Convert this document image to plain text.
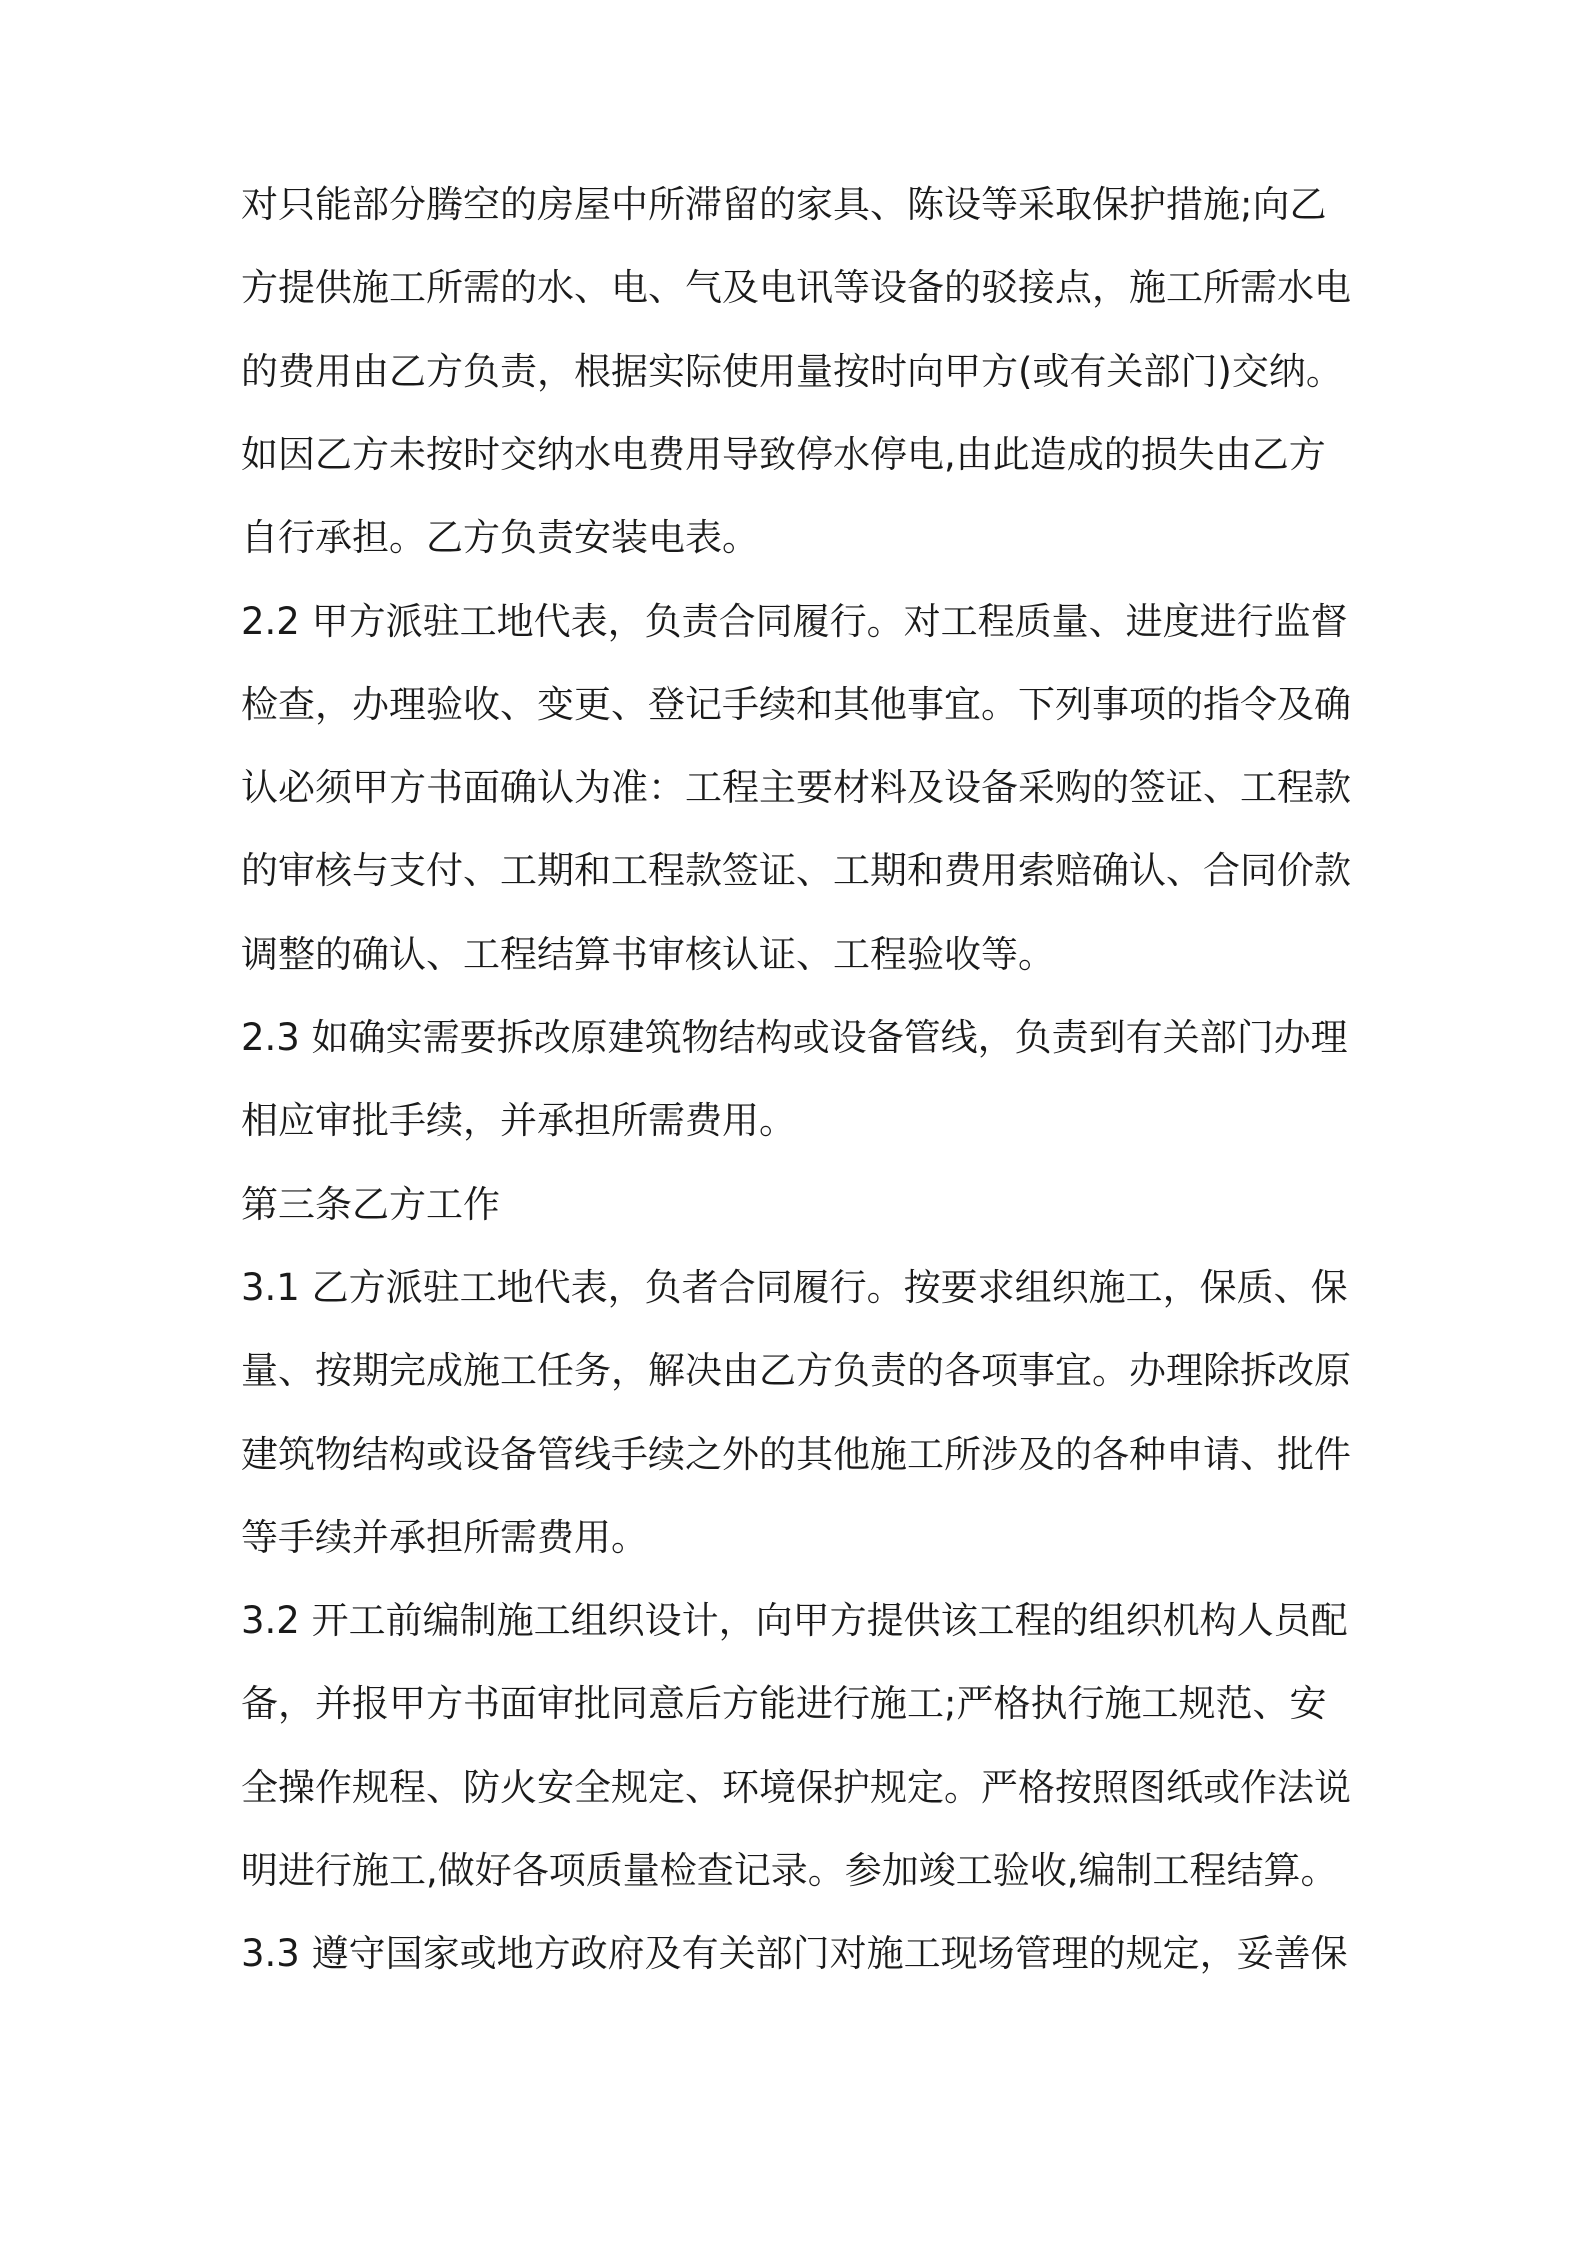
对只能部分腾空的房屋中所滞留的家具、陈设等采取保护措施;向乙
方提供施工所需的水、电、气及电讯等设备的驳接点，施工所需水电
的费用由乙方负责，根据实际使用量按时向甲方(或有关部门)交纳。
如因乙方未按时交纳水电费用导致停水停电,由此造成的损失由乙方
自行承担。乙方负责安装电表。
2.2 甲方派驻工地代表，负责合同履行。对工程质量、进度进行监督
检查，办理验收、变更、登记手续和其他事宜。下列事项的指令及确
认必须甲方书面确认为准：工程主要材料及设备采购的签证、工程款
的审核与支付、工期和工程款签证、工期和费用索赔确认、合同价款
调整的确认、工程结算书审核认证、工程验收等。
2.3 如确实需要拆改原建筑物结构或设备管线，负责到有关部门办理
相应审批手续，并承担所需费用。
第三条乙方工作
3.1 乙方派驻工地代表，负者合同履行。按要求组织施工，保质、保
量、按期完成施工任务，解决由乙方负责的各项事宜。办理除拆改原
建筑物结构或设备管线手续之外的其他施工所涉及的各种申请、批件
等手续并承担所需费用。
3.2 开工前编制施工组织设计，向甲方提供该工程的组织机构人员配
备，并报甲方书面审批同意后方能进行施工;严格执行施工规范、安
全操作规程、防火安全规定、环境保护规定。严格按照图纸或作法说
明进行施工,做好各项质量检查记录。参加竣工验收,编制工程结算。
3.3 遵守国家或地方政府及有关部门对施工现场管理的规定，妥善保
